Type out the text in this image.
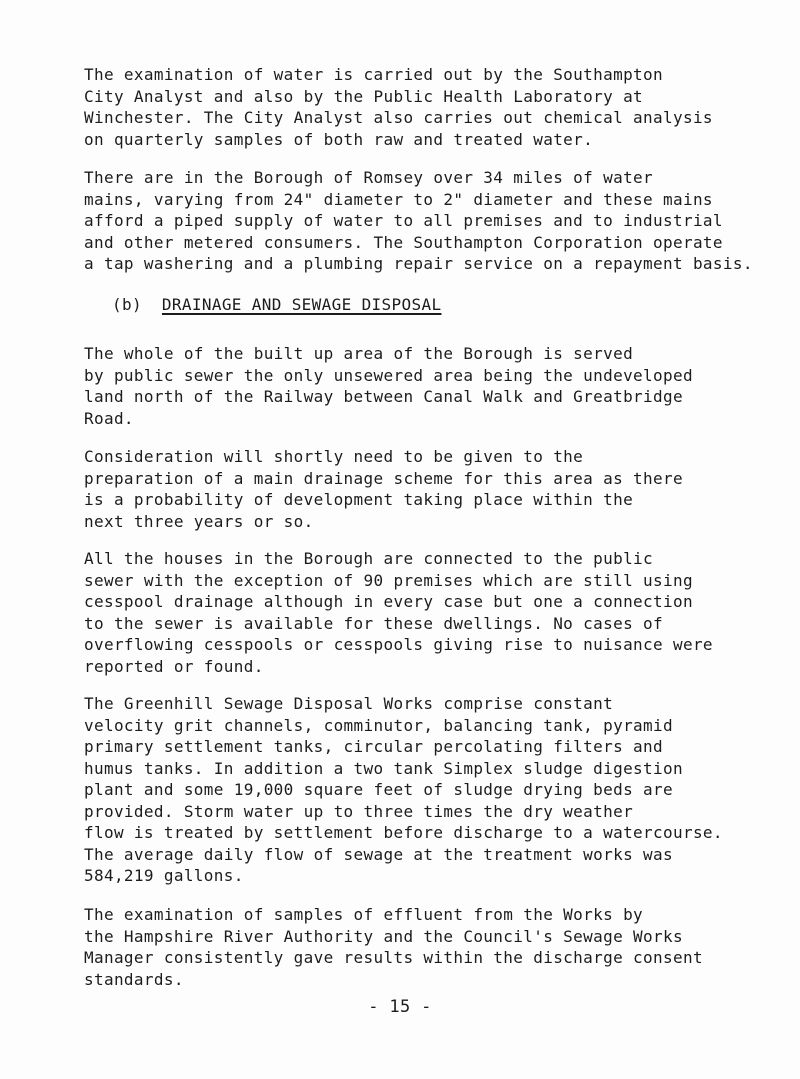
The examination of water is carried out by the Southampton
City Analyst and also by the Public Health Laboratory at
Winchester. The City Analyst also carries out chemical analysis
on quarterly samples of both raw and treated water.
There are in the Borough of Romsey over 34 miles of water
mains, varying from 24" diameter to 2" diameter and these mains
afford a piped supply of water to all premises and to industrial
and other metered consumers. The Southampton Corporation operate
a tap washering and a plumbing repair service on a repayment basis.
(b) DRAINAGE AND SEWAGE DISPOSAL
The whole of the built up area of the Borough is served
by public sewer the only unsewered area being the undeveloped
land north of the Railway between Canal Walk and Greatbridge
Road.
Consideration will shortly need to be given to the
preparation of a main drainage scheme for this area as there
is a probability of development taking place within the
next three years or so.
All the houses in the Borough are connected to the public
sewer with the exception of 90 premises which are still using
cesspool drainage although in every case but one a connection
to the sewer is available for these dwellings. No cases of
overflowing cesspools or cesspools giving rise to nuisance were
reported or found.
The Greenhill Sewage Disposal Works comprise constant
velocity grit channels, comminutor, balancing tank, pyramid
primary settlement tanks, circular percolating filters and
humus tanks. In addition a two tank Simplex sludge digestion
plant and some 19,000 square feet of sludge drying beds are
provided. Storm water up to three times the dry weather
flow is treated by settlement before discharge to a watercourse.
The average daily flow of sewage at the treatment works was
584,219 gallons.
The examination of samples of effluent from the Works by
the Hampshire River Authority and the Council's Sewage Works
Manager consistently gave results within the discharge consent
standards.
- 15 -
